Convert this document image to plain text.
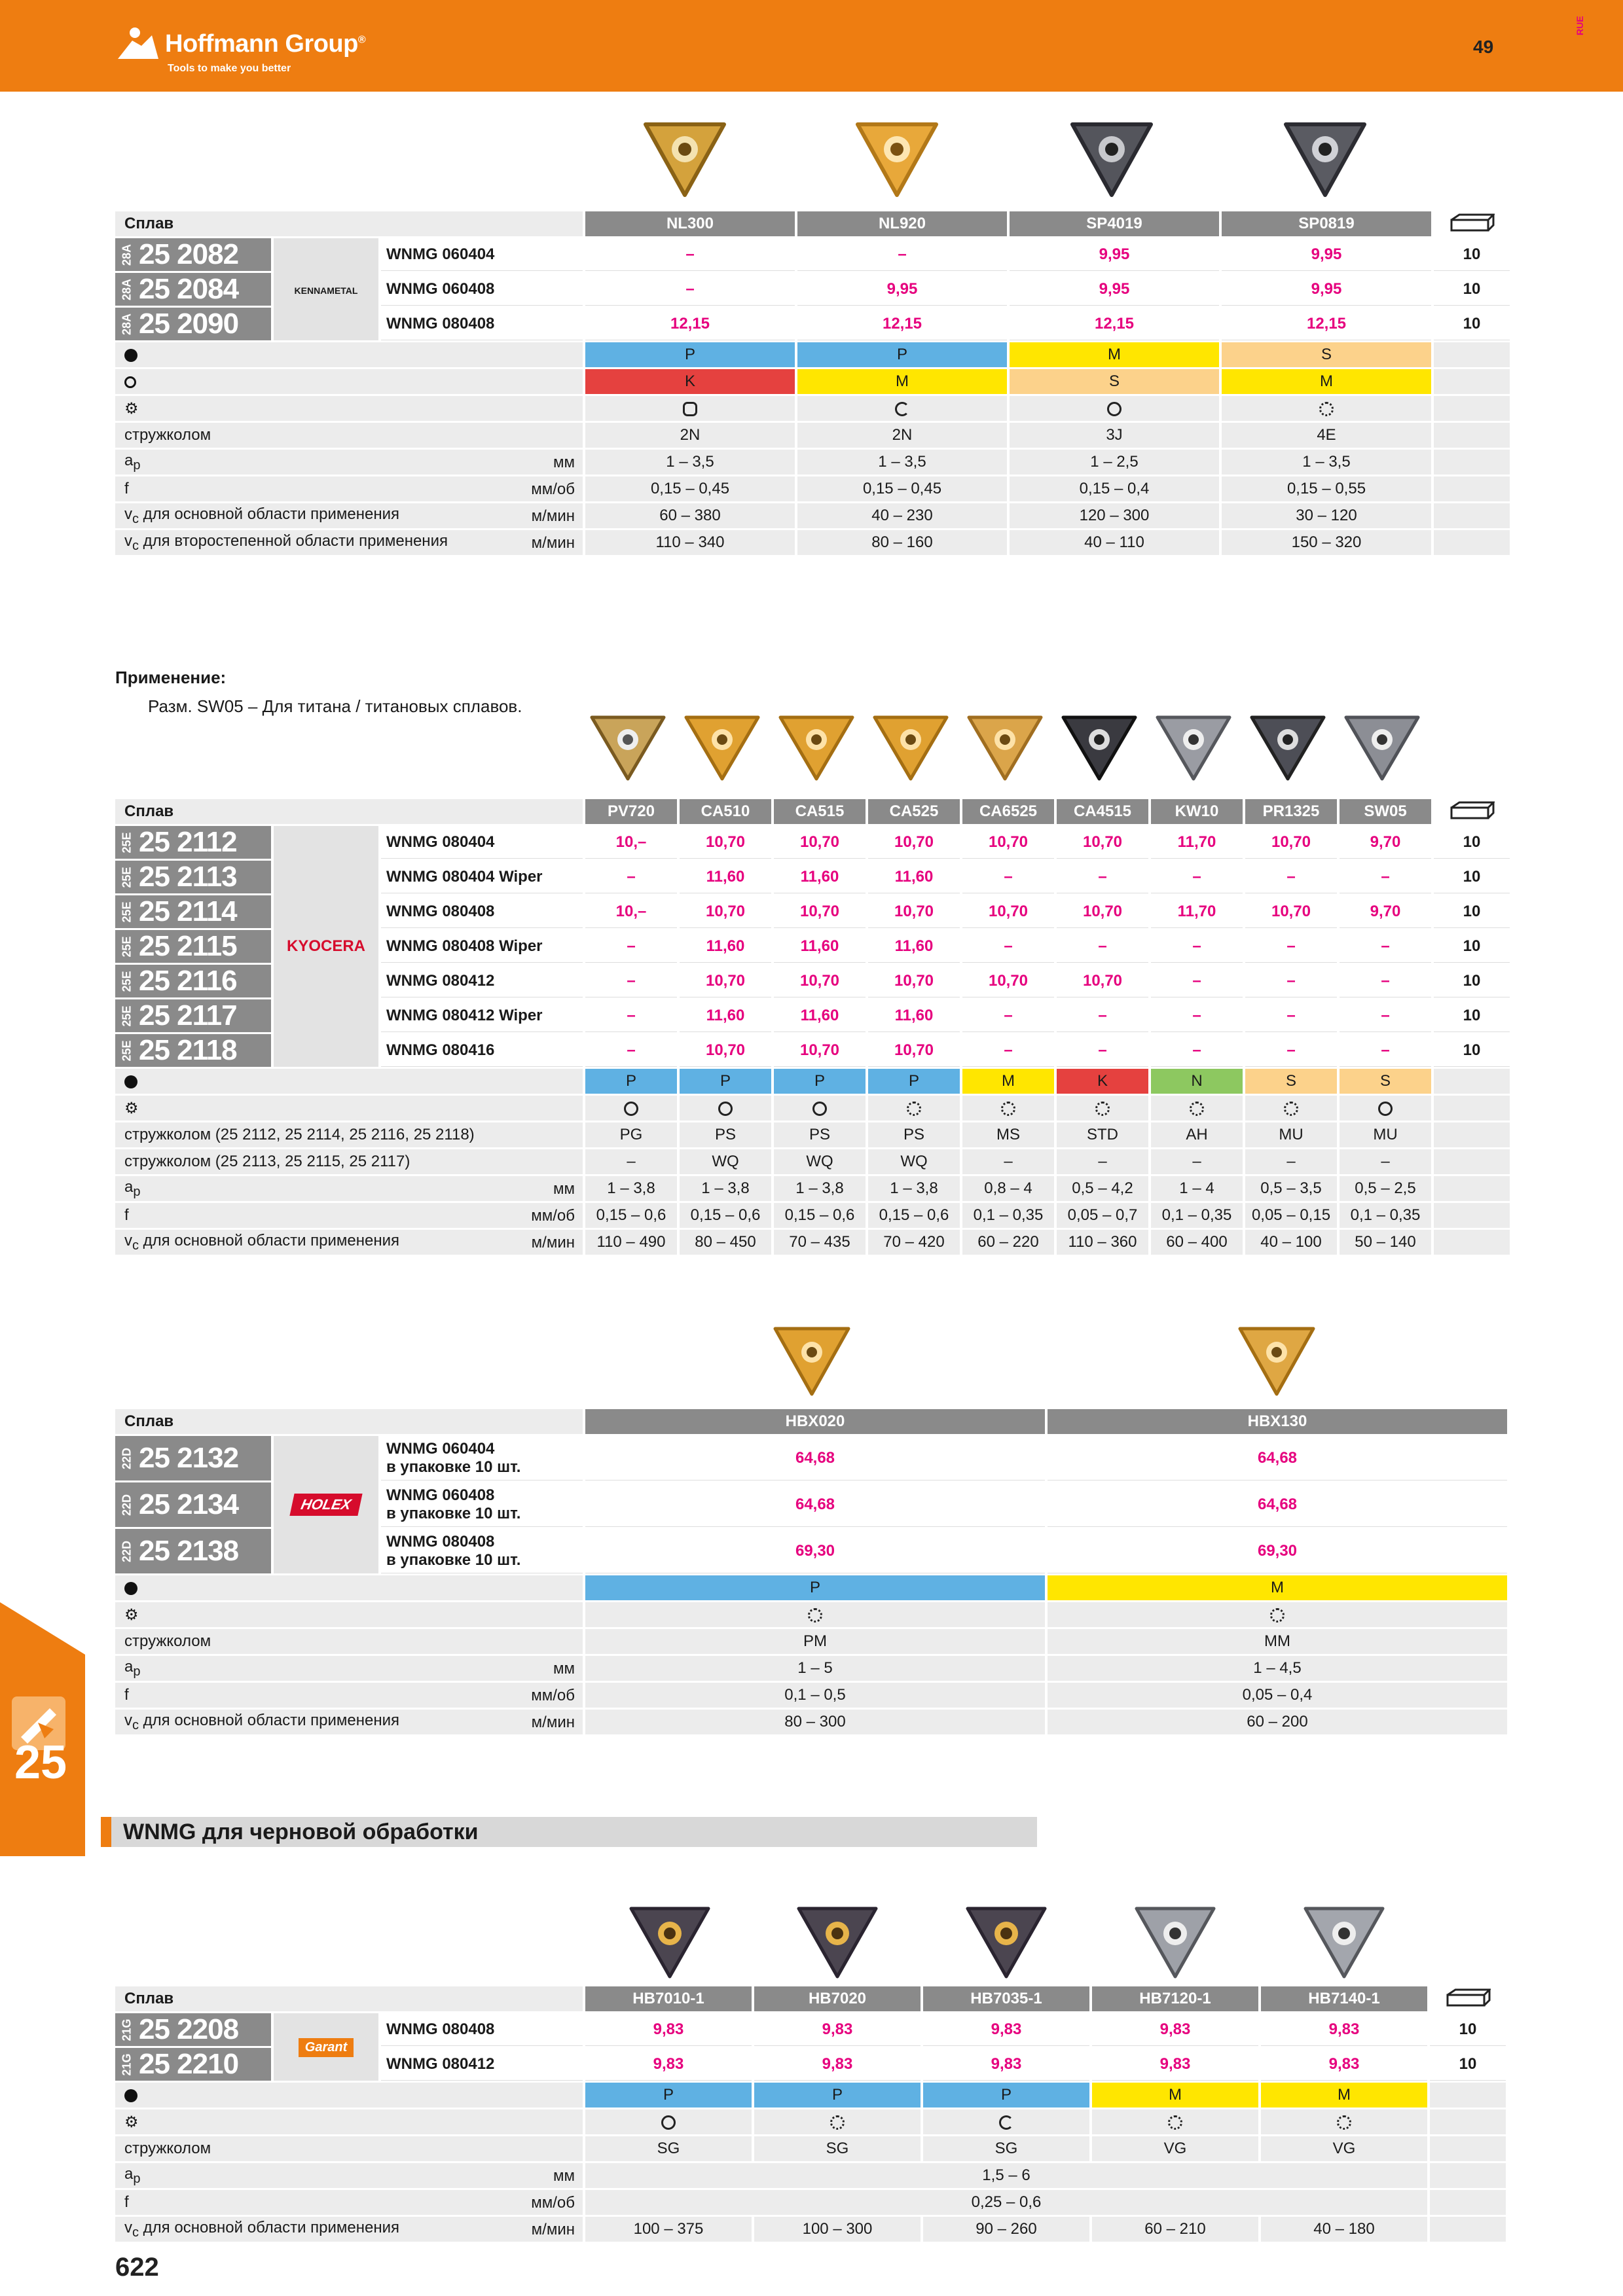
Hoffmann Group®
Tools to make you better
49
RUE
25
Сплав			NL300	NL920	SP4019	SP0819	
28A 25 2082	KENNAMETAL	WNMG 060404	–	–	9,95	9,95	10
28A 25 2084		WNMG 060408	–	9,95	9,95	9,95	10
28A 25 2090		WNMG 080408	12,15	12,15	12,15	12,15	10
			P	P	M	S	
			K	M	S	M	
⚙							
стружколом			2N	2N	3J	4E	
$a_p$ мм			1 – 3,5	1 – 3,5	1 – 2,5	1 – 3,5	
f мм/об			0,15 – 0,45	0,15 – 0,45	0,15 – 0,4	0,15 – 0,55	
$v_c$ для основной области применения м/мин			60 – 380	40 – 230	120 – 300	30 – 120	
$v_c$ для второстепенной области применения м/мин			110 – 340	80 – 160	40 – 110	150 – 320	
Применение:
Разм. SW05 – Для титана / титановых сплавов.
Сплав			PV720	CA510	CA515	CA525	CA6525	CA4515	KW10	PR1325	SW05	
25E 25 2112	KYOCERA	WNMG 080404	10,–	10,70	10,70	10,70	10,70	10,70	11,70	10,70	9,70	10
25E 25 2113		WNMG 080404 Wiper	–	11,60	11,60	11,60	–	–	–	–	–	10
25E 25 2114		WNMG 080408	10,–	10,70	10,70	10,70	10,70	10,70	11,70	10,70	9,70	10
25E 25 2115		WNMG 080408 Wiper	–	11,60	11,60	11,60	–	–	–	–	–	10
25E 25 2116		WNMG 080412	–	10,70	10,70	10,70	10,70	10,70	–	–	–	10
25E 25 2117		WNMG 080412 Wiper	–	11,60	11,60	11,60	–	–	–	–	–	10
25E 25 2118		WNMG 080416	–	10,70	10,70	10,70	–	–	–	–	–	10
			P	P	P	P	M	K	N	S	S	
⚙												
стружколом (25 2112, 25 2114, 25 2116, 25 2118)			PG	PS	PS	PS	MS	STD	AH	MU	MU	
стружколом (25 2113, 25 2115, 25 2117)			–	WQ	WQ	WQ	–	–	–	–	–	
$a_p$ мм			1 – 3,8	1 – 3,8	1 – 3,8	1 – 3,8	0,8 – 4	0,5 – 4,2	1 – 4	0,5 – 3,5	0,5 – 2,5	
f мм/об			0,15 – 0,6	0,15 – 0,6	0,15 – 0,6	0,15 – 0,6	0,1 – 0,35	0,05 – 0,7	0,1 – 0,35	0,05 – 0,15	0,1 – 0,35	
$v_c$ для основной области применения м/мин			110 – 490	80 – 450	70 – 435	70 – 420	60 – 220	110 – 360	60 – 400	40 – 100	50 – 140	
Сплав			HBX020	HBX130
22D 25 2132	HOLEX	WNMG 060404
в упаковке 10 шт.	64,68	64,68
22D 25 2134		WNMG 060408
в упаковке 10 шт.	64,68	64,68
22D 25 2138		WNMG 080408
в упаковке 10 шт.	69,30	69,30
			P	M
⚙				
стружколом			PM	MM
$a_p$ мм			1 – 5	1 – 4,5
f мм/об			0,1 – 0,5	0,05 – 0,4
$v_c$ для основной области применения м/мин			80 – 300	60 – 200
WNMG для черновой обработки
Сплав			HB7010-1	HB7020	HB7035-1	HB7120-1	HB7140-1	
21G 25 2208	Garant	WNMG 080408	9,83	9,83	9,83	9,83	9,83	10
21G 25 2210		WNMG 080412	9,83	9,83	9,83	9,83	9,83	10
			P	P	P	M	M	
⚙								
стружколом			SG	SG	SG	VG	VG	
$a_p$ мм			1,5 – 6					
f мм/об			0,25 – 0,6					
$v_c$ для основной области применения м/мин			100 – 375	100 – 300	90 – 260	60 – 210	40 – 180	
622
